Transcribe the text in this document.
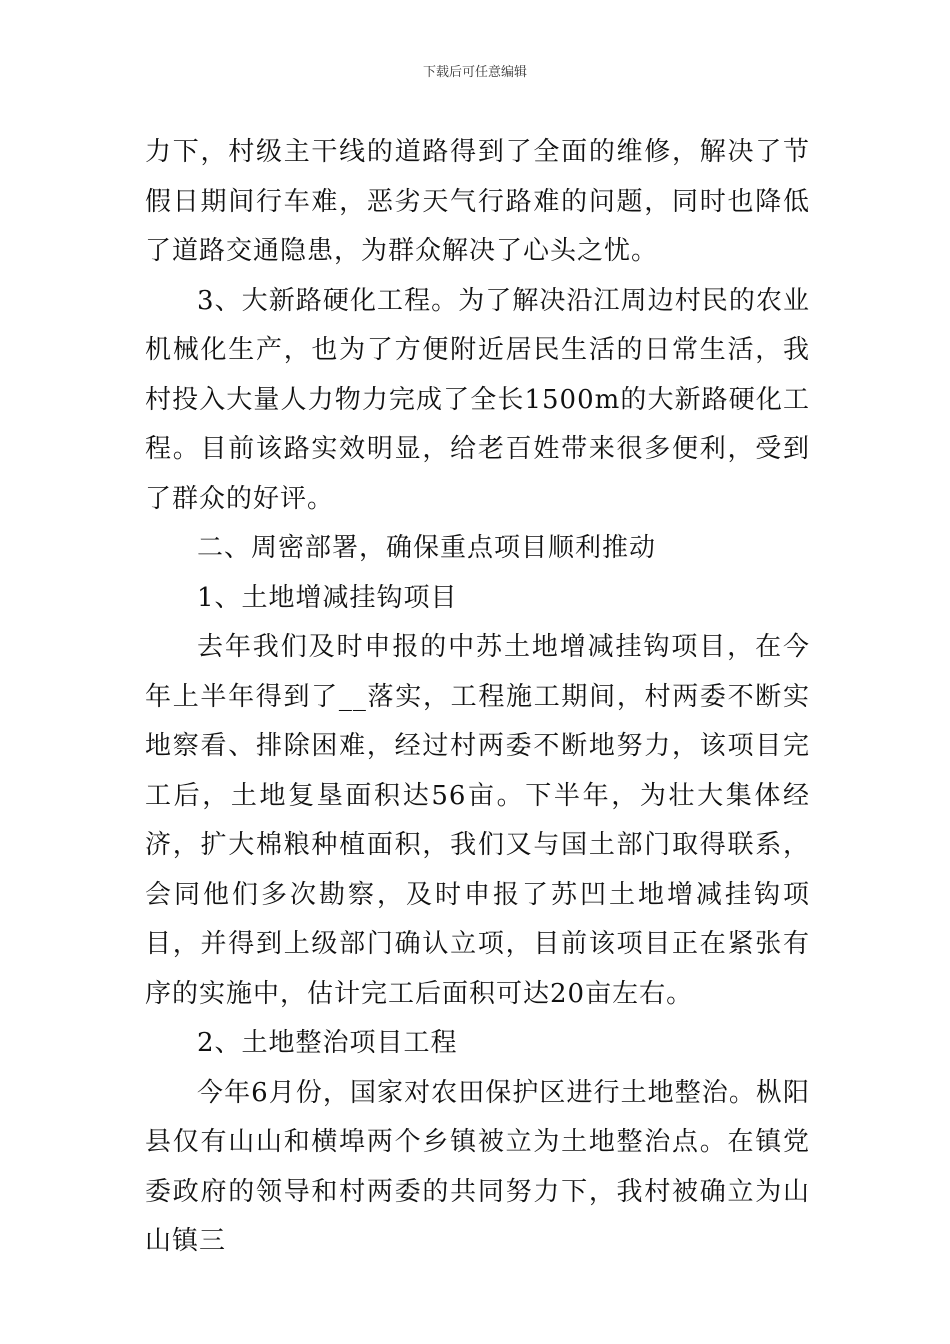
下载后可任意编辑

力下，村级主干线的道路得到了全面的维修，解决了节假日期间行车难，恶劣天气行路难的问题，同时也降低了道路交通隐患，为群众解决了心头之忧。

3、大新路硬化工程。为了解决沿江周边村民的农业机械化生产，也为了方便附近居民生活的日常生活，我村投入大量人力物力完成了全长1500m的大新路硬化工程。目前该路实效明显，给老百姓带来很多便利，受到了群众的好评。

二、周密部署，确保重点项目顺利推动

1、土地增减挂钩项目

去年我们及时申报的中苏土地增减挂钩项目，在今年上半年得到了__落实，工程施工期间，村两委不断实地察看、排除困难，经过村两委不断地努力，该项目完工后，土地复垦面积达56亩。下半年，为壮大集体经济，扩大棉粮种植面积，我们又与国土部门取得联系，会同他们多次勘察，及时申报了苏凹土地增减挂钩项目，并得到上级部门确认立项，目前该项目正在紧张有序的实施中，估计完工后面积可达20亩左右。

2、土地整治项目工程

今年6月份，国家对农田保护区进行土地整治。枞阳县仅有山山和横埠两个乡镇被立为土地整治点。在镇党委政府的领导和村两委的共同努力下，我村被确立为山山镇三
